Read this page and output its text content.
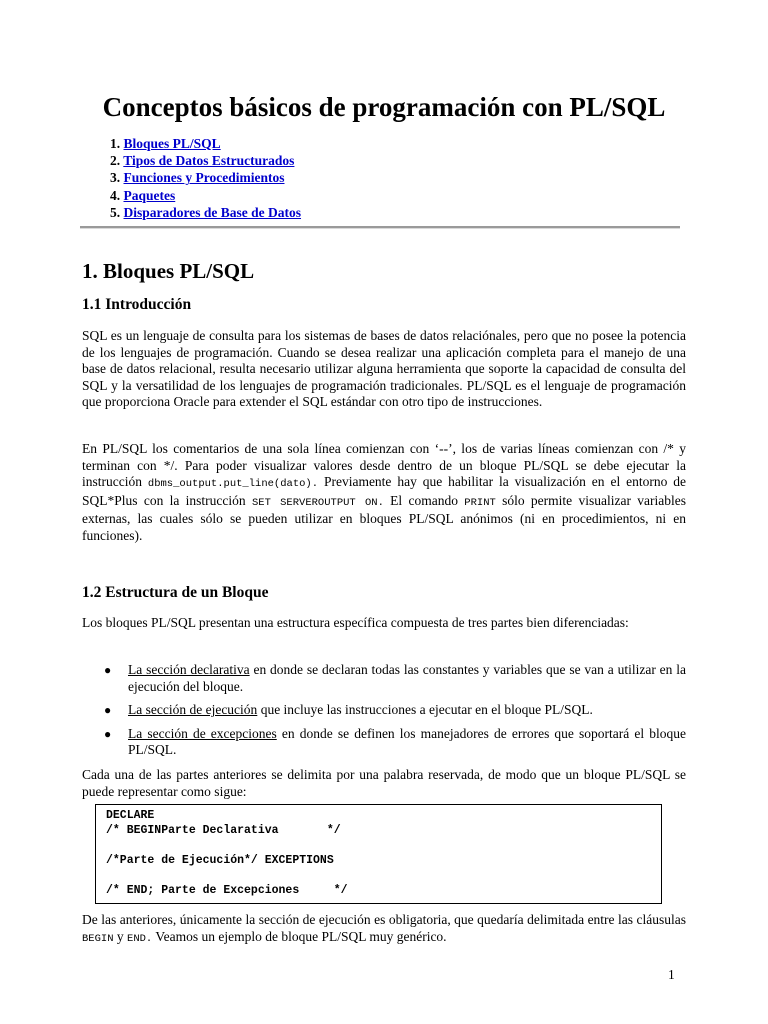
Conceptos básicos de programación con PL/SQL
1. Bloques PL/SQL
2. Tipos de Datos Estructurados
3. Funciones y Procedimientos
4. Paquetes
5. Disparadores de Base de Datos
1. Bloques PL/SQL
1.1 Introducción

SQL es un lenguaje de consulta para los sistemas de bases de datos relaciónales, pero que no posee la potencia de los lenguajes de programación. Cuando se desea realizar una aplicación completa para el manejo de una base de datos relacional, resulta necesario utilizar alguna herramienta que soporte la capacidad de consulta del SQL y la versatilidad de los lenguajes de programación tradicionales. PL/SQL es el lenguaje de programación que proporciona Oracle para extender el SQL estándar con otro tipo de instrucciones.

En PL/SQL los comentarios de una sola línea comienzan con ‘--’, los de varias líneas comienzan con /* y terminan con */. Para poder visualizar valores desde dentro de un bloque PL/SQL se debe ejecutar la instrucción dbms_output.put_line(dato). Previamente hay que habilitar la visualización en el entorno de SQL*Plus con la instrucción SET SERVEROUTPUT ON. El comando PRINT sólo permite visualizar variables externas, las cuales sólo se pueden utilizar en bloques PL/SQL anónimos (ni en procedimientos, ni en funciones).

1.2 Estructura de un Bloque

Los bloques PL/SQL presentan una estructura específica compuesta de tres partes bien diferenciadas:

● La sección declarativa en donde se declaran todas las constantes y variables que se van a utilizar en la ejecución del bloque.
● La sección de ejecución que incluye las instrucciones a ejecutar en el bloque PL/SQL.
● La sección de excepciones en donde se definen los manejadores de errores que soportará el bloque PL/SQL.

Cada una de las partes anteriores se delimita por una palabra reservada, de modo que un bloque PL/SQL se puede representar como sigue:

DECLARE
/* BEGINParte Declarativa       */

/*Parte de Ejecución*/ EXCEPTIONS

/* END; Parte de Excepciones     */

De las anteriores, únicamente la sección de ejecución es obligatoria, que quedaría delimitada entre las cláusulas BEGIN y END. Veamos un ejemplo de bloque PL/SQL muy genérico.

1
